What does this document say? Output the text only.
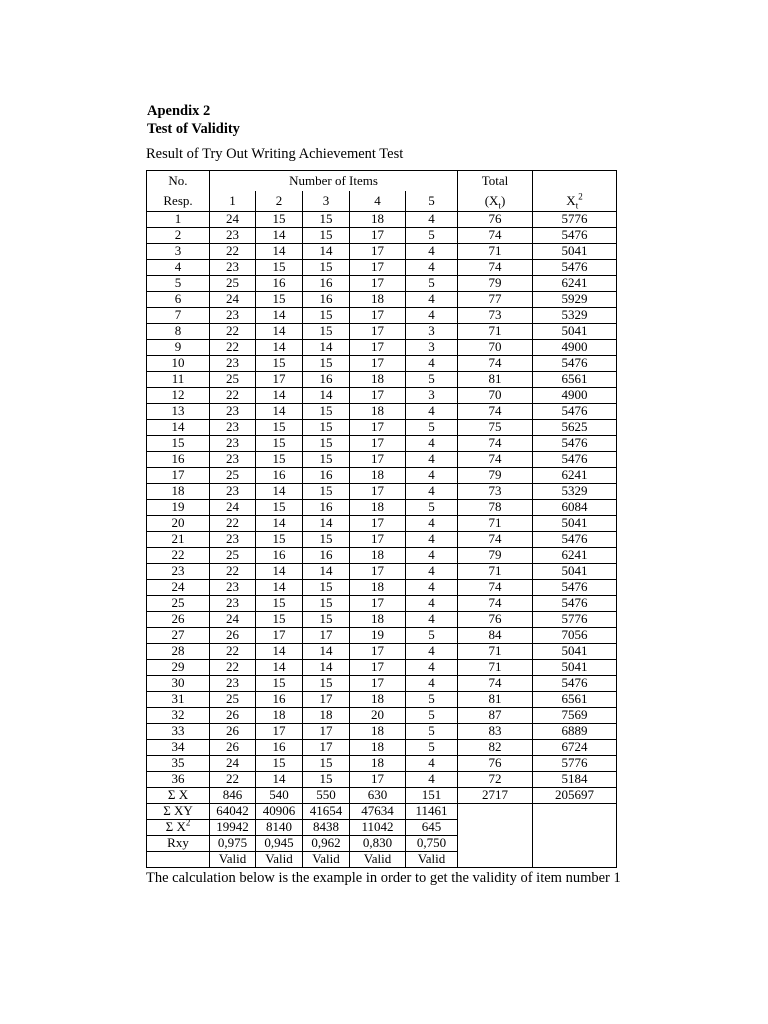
Apendix 2
Test of Validity
Result of Try Out Writing Achievement Test
No.	Number of Items					Total	
Resp.	1	2	3	4	5	$(X_t)$	$X_t^2$
1	24	15	15	18	4	76	5776
2	23	14	15	17	5	74	5476
3	22	14	14	17	4	71	5041
4	23	15	15	17	4	74	5476
5	25	16	16	17	5	79	6241
6	24	15	16	18	4	77	5929
7	23	14	15	17	4	73	5329
8	22	14	15	17	3	71	5041
9	22	14	14	17	3	70	4900
10	23	15	15	17	4	74	5476
11	25	17	16	18	5	81	6561
12	22	14	14	17	3	70	4900
13	23	14	15	18	4	74	5476
14	23	15	15	17	5	75	5625
15	23	15	15	17	4	74	5476
16	23	15	15	17	4	74	5476
17	25	16	16	18	4	79	6241
18	23	14	15	17	4	73	5329
19	24	15	16	18	5	78	6084
20	22	14	14	17	4	71	5041
21	23	15	15	17	4	74	5476
22	25	16	16	18	4	79	6241
23	22	14	14	17	4	71	5041
24	23	14	15	18	4	74	5476
25	23	15	15	17	4	74	5476
26	24	15	15	18	4	76	5776
27	26	17	17	19	5	84	7056
28	22	14	14	17	4	71	5041
29	22	14	14	17	4	71	5041
30	23	15	15	17	4	74	5476
31	25	16	17	18	5	81	6561
32	26	18	18	20	5	87	7569
33	26	17	17	18	5	83	6889
34	26	16	17	18	5	82	6724
35	24	15	15	18	4	76	5776
36	22	14	15	17	4	72	5184
Σ X	846	540	550	630	151	2717	205697
Σ XY	64042	40906	41654	47634	11461		
Σ $X^2$	19942	8140	8438	11042	645		
Rxy	0,975	0,945	0,962	0,830	0,750		
	Valid	Valid	Valid	Valid	Valid		
The calculation below is the example in order to get the validity of item number 1
